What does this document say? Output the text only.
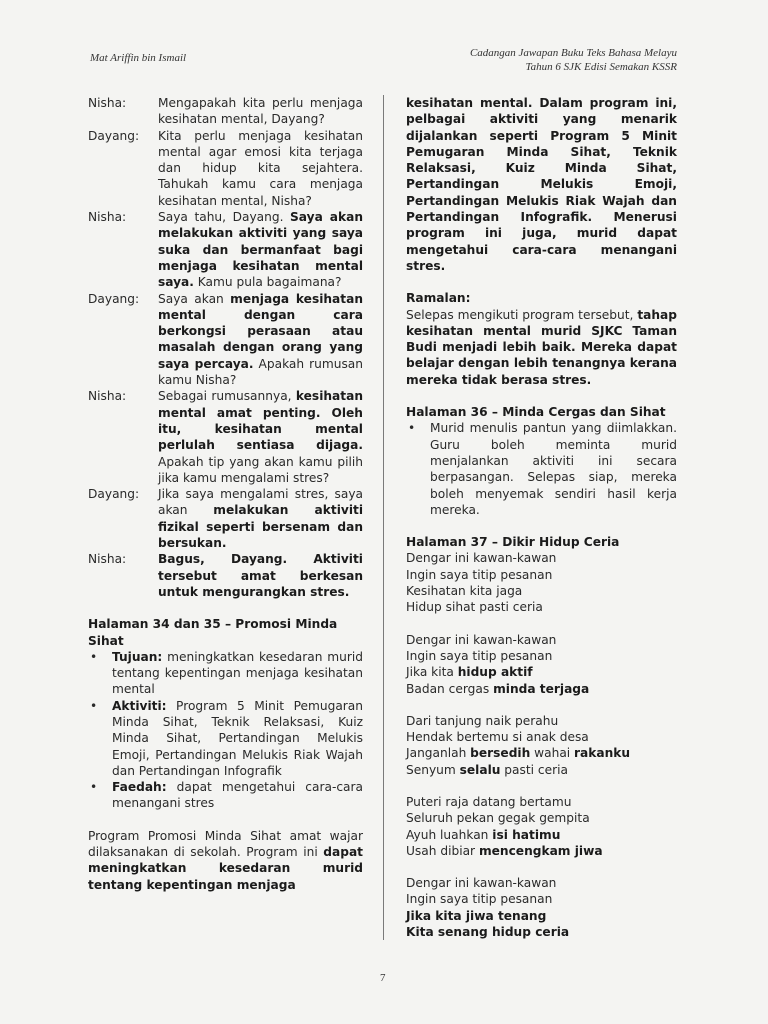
Mat Ariffin bin Ismail	Cadangan Jawapan Buku Teks Bahasa Melayu
Tahun 6 SJK Edisi Semakan KSSR
Nisha:	Mengapakah kita perlu menjaga kesihatan mental, Dayang?
Dayang:	Kita perlu menjaga kesihatan mental agar emosi kita terjaga dan hidup kita sejahtera. Tahukah kamu cara menjaga kesihatan mental, Nisha?
Nisha:	Saya tahu, Dayang. Saya akan melakukan aktiviti yang saya suka dan bermanfaat bagi menjaga kesihatan mental saya. Kamu pula bagaimana?
Dayang:	Saya akan menjaga kesihatan mental dengan cara berkongsi perasaan atau masalah dengan orang yang saya percaya. Apakah rumusan kamu Nisha?
Nisha:	Sebagai rumusannya, kesihatan mental amat penting. Oleh itu, kesihatan mental perlulah sentiasa dijaga. Apakah tip yang akan kamu pilih jika kamu mengalami stres?
Dayang:	Jika saya mengalami stres, saya akan melakukan aktiviti fizikal seperti bersenam dan bersukan.
Nisha:	Bagus, Dayang. Aktiviti tersebut amat berkesan untuk mengurangkan stres.
Halaman 34 dan 35 – Promosi Minda Sihat
•	Tujuan: meningkatkan kesedaran murid tentang kepentingan menjaga kesihatan mental
•	Aktiviti: Program 5 Minit Pemugaran Minda Sihat, Teknik Relaksasi, Kuiz Minda Sihat, Pertandingan Melukis Emoji, Pertandingan Melukis Riak Wajah dan Pertandingan Infografik
•	Faedah: dapat mengetahui cara-cara menangani stres
Program Promosi Minda Sihat amat wajar dilaksanakan di sekolah. Program ini dapat meningkatkan kesedaran murid tentang kepentingan menjaga
kesihatan mental. Dalam program ini, pelbagai aktiviti yang menarik dijalankan seperti Program 5 Minit Pemugaran Minda Sihat, Teknik Relaksasi, Kuiz Minda Sihat, Pertandingan Melukis Emoji, Pertandingan Melukis Riak Wajah dan Pertandingan Infografik. Menerusi program ini juga, murid dapat mengetahui cara-cara menangani stres.
Ramalan:
Selepas mengikuti program tersebut, tahap kesihatan mental murid SJKC Taman Budi menjadi lebih baik. Mereka dapat belajar dengan lebih tenangnya kerana mereka tidak berasa stres.
Halaman 36 – Minda Cergas dan Sihat
•	Murid menulis pantun yang diimlakkan. Guru boleh meminta murid menjalankan aktiviti ini secara berpasangan. Selepas siap, mereka boleh menyemak sendiri hasil kerja mereka.
Halaman 37 – Dikir Hidup Ceria
Dengar ini kawan-kawan
Ingin saya titip pesanan
Kesihatan kita jaga
Hidup sihat pasti ceria
Dengar ini kawan-kawan
Ingin saya titip pesanan
Jika kita hidup aktif
Badan cergas minda terjaga
Dari tanjung naik perahu
Hendak bertemu si anak desa
Janganlah bersedih wahai rakanku
Senyum selalu pasti ceria
Puteri raja datang bertamu
Seluruh pekan gegak gempita
Ayuh luahkan isi hatimu
Usah dibiar mencengkam jiwa
Dengar ini kawan-kawan
Ingin saya titip pesanan
Jika kita jiwa tenang
Kita senang hidup ceria
7
